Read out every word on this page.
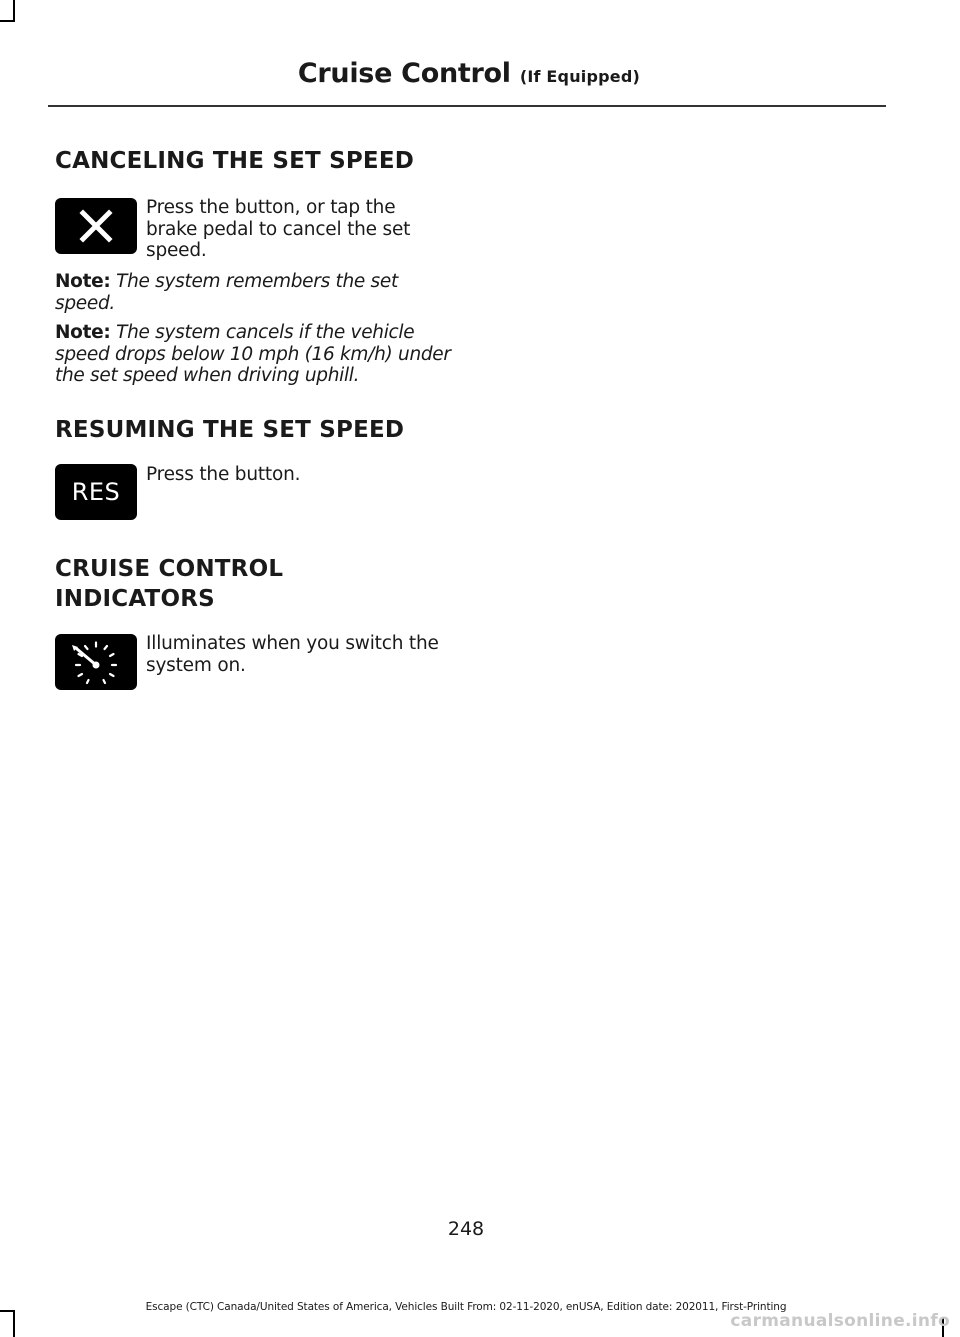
Cruise Control (If Equipped)
CANCELING THE SET SPEED

Press the button, or tap the brake pedal to cancel the set speed.

Note: The system remembers the set speed.

Note: The system cancels if the vehicle speed drops below 10 mph (16 km/h) under the set speed when driving uphill.

RESUMING THE SET SPEED
RES

Press the button.

CRUISE CONTROL
INDICATORS

Illuminates when you switch the system on.

248
Escape (CTC) Canada/United States of America, Vehicles Built From: 02-11-2020, enUSA, Edition date: 202011, First-Printing
carmanualsonline.info
